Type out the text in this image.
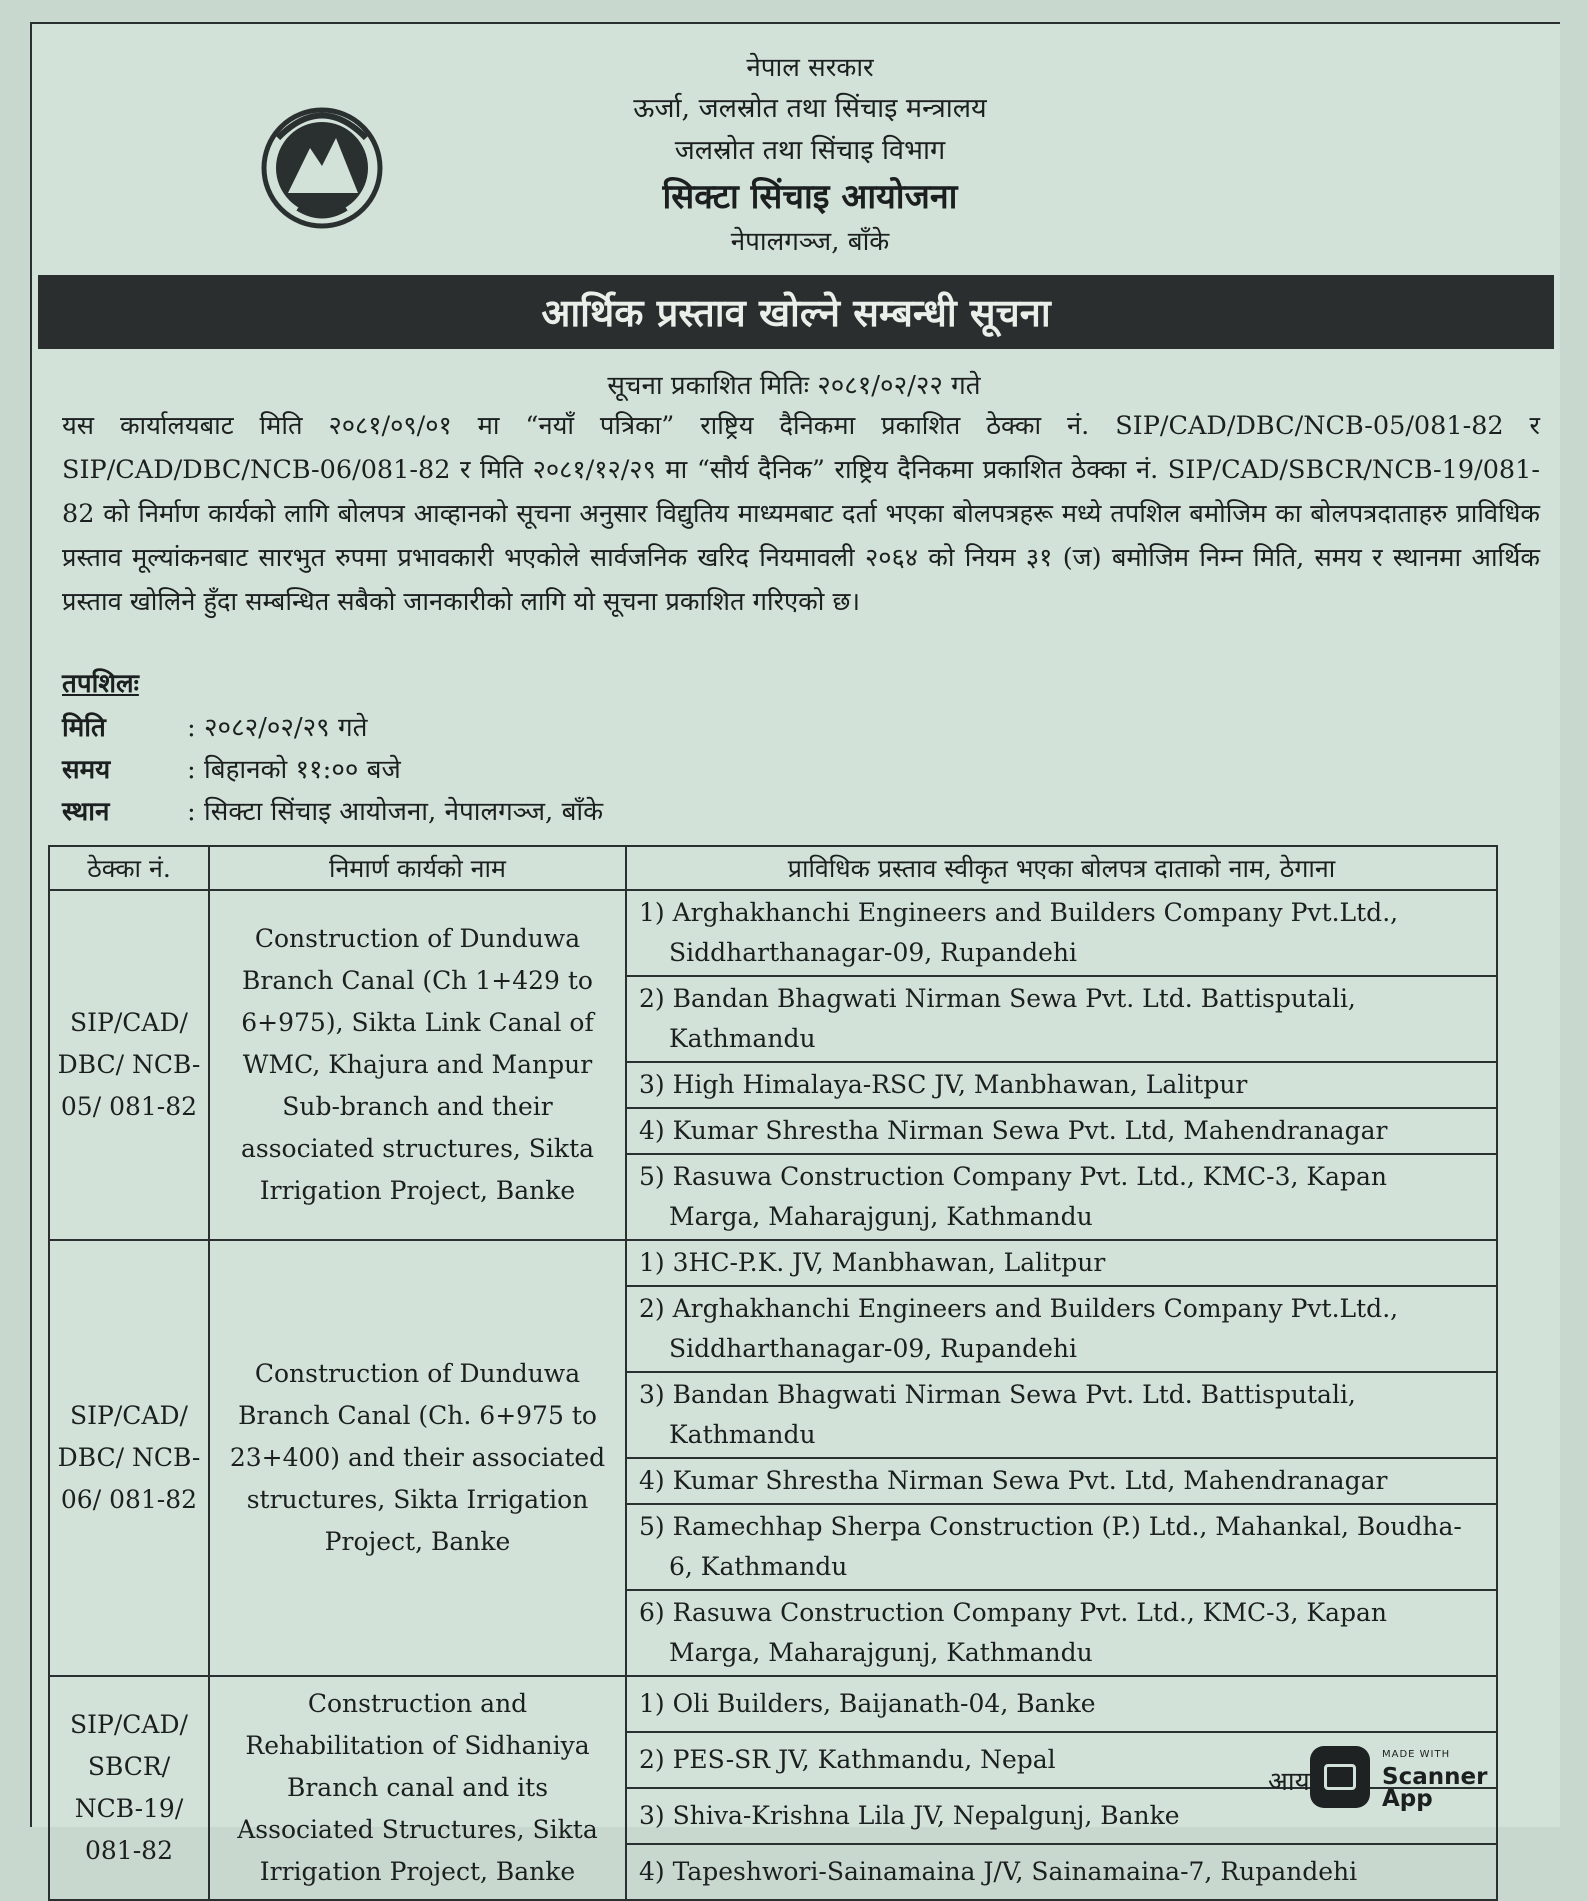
नेपाल सरकार
ऊर्जा, जलस्रोत तथा सिंचाइ मन्त्रालय
जलस्रोत तथा सिंचाइ विभाग
सिक्टा सिंचाइ आयोजना
नेपालगञ्ज, बाँके
आर्थिक प्रस्ताव खोल्ने सम्बन्धी सूचना
सूचना प्रकाशित मितिः २०८१/०२/२२ गते
यस कार्यालयबाट मिति २०८१/०९/०१ मा “नयाँ पत्रिका” राष्ट्रिय दैनिकमा प्रकाशित ठेक्का नं. SIP/CAD/DBC/NCB-05/081-82 र SIP/CAD/DBC/NCB-06/081-82 र मिति २०८१/१२/२९ मा “सौर्य दैनिक” राष्ट्रिय दैनिकमा प्रकाशित ठेक्का नं. SIP/CAD/SBCR/NCB-19/081-82 को निर्माण कार्यको लागि बोलपत्र आव्हानको सूचना अनुसार विद्युतिय माध्यमबाट दर्ता भएका बोलपत्रहरू मध्ये तपशिल बमोजिम का बोलपत्रदाताहरु प्राविधिक प्रस्ताव मूल्यांकनबाट सारभुत रुपमा प्रभावकारी भएकोले सार्वजनिक खरिद नियमावली २०६४ को नियम ३१ (ज) बमोजिम निम्न मिति, समय र स्थानमा आर्थिक प्रस्ताव खोलिने हुँदा सम्बन्धित सबैको जानकारीको लागि यो सूचना प्रकाशित गरिएको छ।
तपशिलः
मिति	: २०८२/०२/२९ गते
समय	: बिहानको ११:०० बजे
स्थान	: सिक्टा सिंचाइ आयोजना, नेपालगञ्ज, बाँके
ठेक्का नं.	निमार्ण कार्यको नाम	प्राविधिक प्रस्ताव स्वीकृत भएका बोलपत्र दाताको नाम, ठेगाना
SIP/CAD/ DBC/ NCB-05/ 081-82	Construction of Dunduwa Branch Canal (Ch 1+429 to 6+975), Sikta Link Canal of WMC, Khajura and Manpur Sub-branch and their associated structures, Sikta Irrigation Project, Banke	1) Arghakhanchi Engineers and Builders Company Pvt.Ltd., Siddharthanagar-09, Rupandehi
		2) Bandan Bhagwati Nirman Sewa Pvt. Ltd. Battisputali, Kathmandu
		3) High Himalaya-RSC JV, Manbhawan, Lalitpur
		4) Kumar Shrestha Nirman Sewa Pvt. Ltd, Mahendranagar
		5) Rasuwa Construction Company Pvt. Ltd., KMC-3, Kapan Marga, Maharajgunj, Kathmandu
SIP/CAD/ DBC/ NCB-06/ 081-82	Construction of Dunduwa Branch Canal (Ch. 6+975 to 23+400) and their associated structures, Sikta Irrigation Project, Banke	1) 3HC-P.K. JV, Manbhawan, Lalitpur
		2) Arghakhanchi Engineers and Builders Company Pvt.Ltd., Siddharthanagar-09, Rupandehi
		3) Bandan Bhagwati Nirman Sewa Pvt. Ltd. Battisputali, Kathmandu
		4) Kumar Shrestha Nirman Sewa Pvt. Ltd, Mahendranagar
		5) Ramechhap Sherpa Construction (P.) Ltd., Mahankal, Boudha-6, Kathmandu
		6) Rasuwa Construction Company Pvt. Ltd., KMC-3, Kapan Marga, Maharajgunj, Kathmandu
SIP/CAD/ SBCR/ NCB-19/ 081-82	Construction and Rehabilitation of Sidhaniya Branch canal and its Associated Structures, Sikta Irrigation Project, Banke	1) Oli Builders, Baijanath-04, Banke
		2) PES-SR JV, Kathmandu, Nepal
		3) Shiva-Krishna Lila JV, Nepalgunj, Banke
		4) Tapeshwori-Sainamaina J/V, Sainamaina-7, Rupandehi
आय
MADE WITH
Scanner
App
